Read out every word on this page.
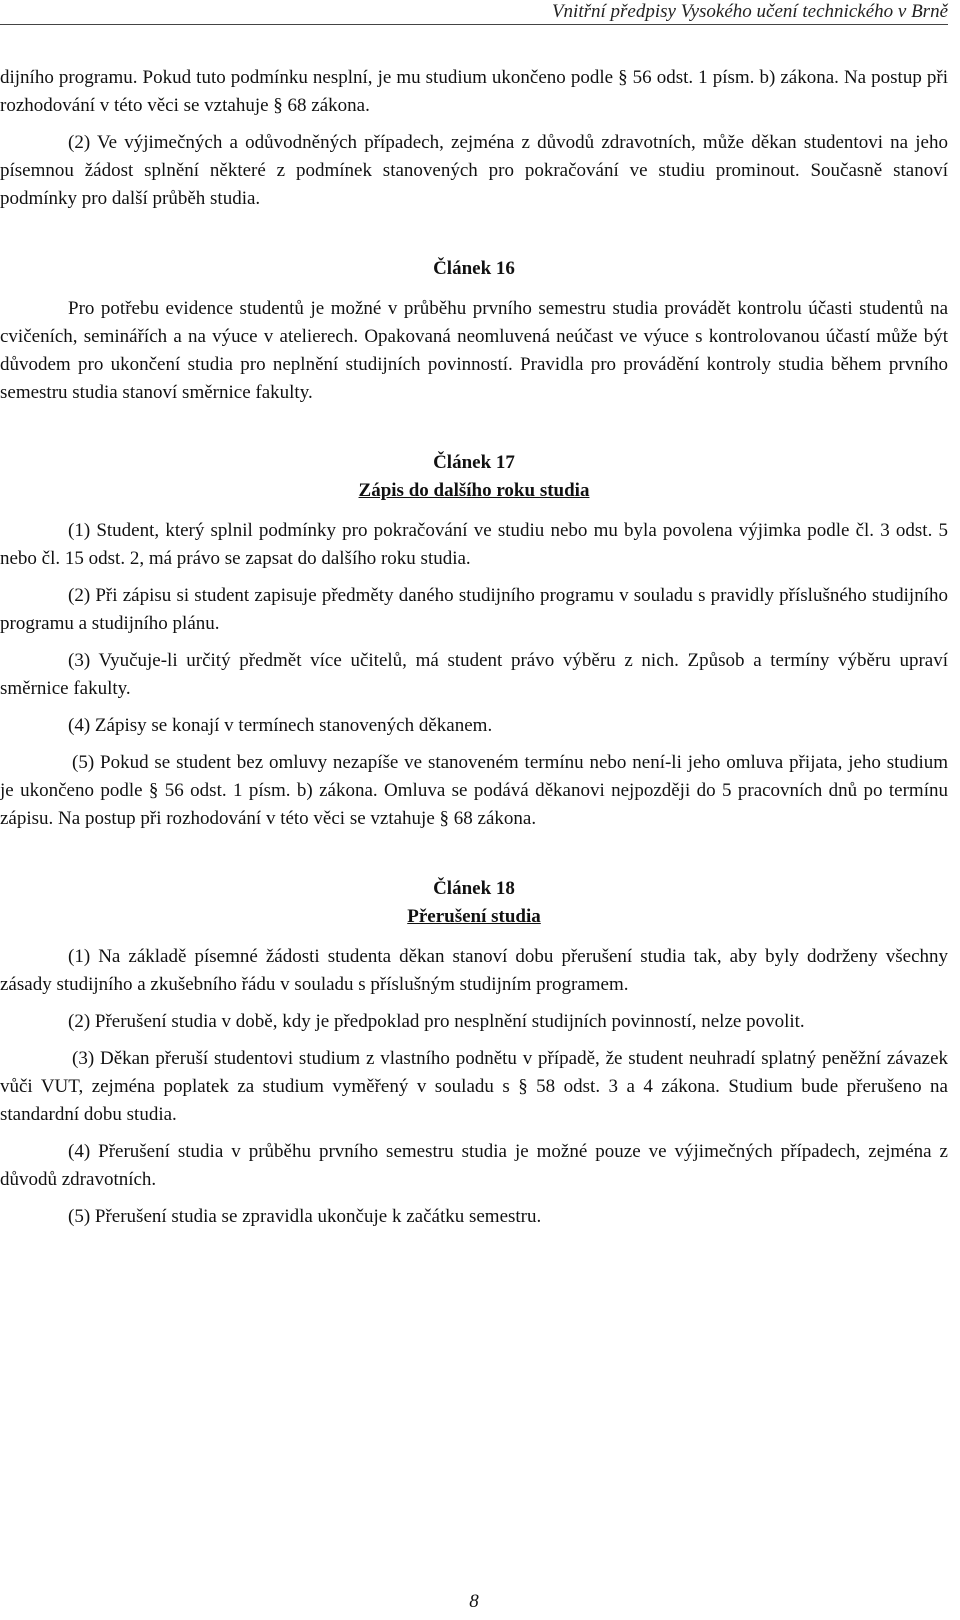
Vnitřní předpisy Vysokého učení technického v Brně

dijního programu. Pokud tuto podmínku nesplní, je mu studium ukončeno podle § 56 odst. 1 písm. b) zákona. Na postup při rozhodování v této věci se vztahuje § 68 zákona.

(2) Ve výjimečných a odůvodněných případech, zejména z důvodů zdravotních, může děkan studentovi na jeho písemnou žádost splnění některé z podmínek stanovených pro pokračování ve studiu prominout. Současně stanoví podmínky pro další průběh studia.

Článek 16

Pro potřebu evidence studentů je možné v průběhu prvního semestru studia provádět kontrolu účasti studentů na cvičeních, seminářích a na výuce v atelierech. Opakovaná neomluvená neúčast ve výuce s kontrolovanou účastí může být důvodem pro ukončení studia pro neplnění studijních povinností. Pravidla pro provádění kontroly studia během prvního semestru studia stanoví směrnice fakulty.

Článek 17
Zápis do dalšího roku studia

(1) Student, který splnil podmínky pro pokračování ve studiu nebo mu byla povolena výjimka podle čl. 3 odst. 5 nebo čl. 15 odst. 2, má právo se zapsat do dalšího roku studia.

(2) Při zápisu si student zapisuje předměty daného studijního programu v souladu s pravidly příslušného studijního programu a studijního plánu.

(3) Vyučuje-li určitý předmět více učitelů, má student právo výběru z nich. Způsob a termíny výběru upraví směrnice fakulty.

(4) Zápisy se konají v termínech stanovených děkanem.

(5) Pokud se student bez omluvy nezapíše ve stanoveném termínu nebo není-li jeho omluva přijata, jeho studium je ukončeno podle § 56 odst. 1 písm. b) zákona. Omluva se podává děkanovi nejpozději do 5 pracovních dnů po termínu zápisu. Na postup při rozhodování v této věci se vztahuje § 68 zákona.

Článek 18
Přerušení studia

(1) Na základě písemné žádosti studenta děkan stanoví dobu přerušení studia tak, aby byly dodrženy všechny zásady studijního a zkušebního řádu v souladu s příslušným studijním programem.

(2) Přerušení studia v době, kdy je předpoklad pro nesplnění studijních povinností, nelze povolit.

(3) Děkan přeruší studentovi studium z vlastního podnětu v případě, že student neuhradí splatný peněžní závazek vůči VUT, zejména poplatek za studium vyměřený v souladu s § 58 odst. 3 a 4 zákona. Studium bude přerušeno na standardní dobu studia.

(4) Přerušení studia v průběhu prvního semestru studia je možné pouze ve výjimečných případech, zejména z důvodů zdravotních.

(5) Přerušení studia se zpravidla ukončuje k začátku semestru.

8
